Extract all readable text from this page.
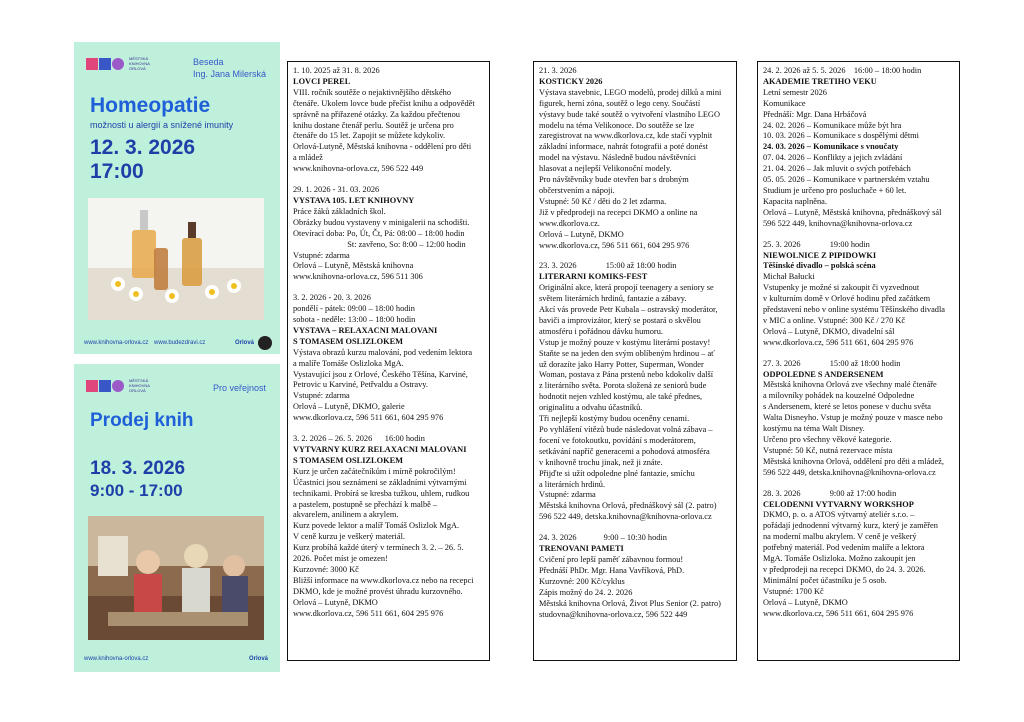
MĚSTSKÁ KNIHOVNA ORLOVÁ
Beseda
Ing. Jana Milerská
Homeopatie
možnosti u alergií a snížené imunity
12. 3. 2026
17:00
www.knihovna-orlova.cz www.budezdravi.cz	Orlová
MĚSTSKÁ KNIHOVNA ORLOVÁ	Pro veřejnost
Prodej knih
18. 3. 2026
9:00 - 17:00
www.knihovna-orlova.cz	Orlová
1. 10. 2025 až 31. 8. 2026
LOVCI PEREL
VIII. ročník soutěže o nejaktivnějšího dětského
čtenáře. Ukolem lovce bude přečíst knihu a odpovědět
správně na přiřazené otázky. Za každou přečtenou
knihu dostane čtenář perlu. Soutěž je určena pro
čtenáře do 15 let. Zapojit se můžete kdykoliv.
Orlová-Lutyně, Městská knihovna - oddělení pro děti
a mládež
www.knihovna-orlova.cz, 596 522 449
29. 1. 2026 - 31. 03. 2026
VYSTAVA 105. LET KNIHOVNY
Práce žáků základních škol.
Obrázky budou vystaveny v minigalerii na schodišti.
Otevírací doba: Po, Út, Čt, Pá: 08:00 – 18:00 hodin
St: zavřeno, So: 8:00 – 12:00 hodin
Vstupné: zdarma
Orlová – Lutyně, Městská knihovna
www.knihovna-orlova.cz, 596 511 306
3. 2. 2026 - 20. 3. 2026
pondělí - pátek: 09:00 – 18:00 hodin
sobota - neděle: 13:00 – 18:00 hodin
VYSTAVA – RELAXACNI MALOVANI
S TOMASEM OSLIZLOKEM
Výstava obrazů kurzu malování, pod vedením lektora
a malíře Tomáše Oslizloka MgA.
Vystavující jsou z Orlové, Českého Těšína, Karviné,
Petrovic u Karviné, Petřvaldu a Ostravy.
Vstupné: zdarma
Orlová – Lutyně, DKMO, galerie
www.dkorlova.cz, 596 511 661, 604 295 976
3. 2. 2026 – 26. 5. 2026      16:00 hodin
VYTVARNY KURZ RELAXACNI MALOVANI
S TOMASEM OSLIZLOKEM
Kurz je určen začátečníkům i mírně pokročilým!
Účastníci jsou seznámeni se základními výtvarnými
technikami. Probírá se kresba tužkou, uhlem, rudkou
a pastelem, postupně se přechází k malbě –
akvarelem, anilinem a akrylem.
Kurz povede lektor a malíř Tomáš Oslizlok MgA.
V ceně kurzu je veškerý materiál.
Kurz probíhá každé úterý v termínech 3. 2. – 26. 5.
2026. Počet míst je omezen!
Kurzovné: 3000 Kč
Bližší informace na www.dkorlova.cz nebo na recepci
DKMO, kde je možné provést úhradu kurzovného.
Orlová – Lutyně, DKMO
www.dkorlova.cz, 596 511 661, 604 295 976
21. 3. 2026
KOSTICKY 2026
Výstava stavebnic, LEGO modelů, prodej dílků a mini
figurek, herní zóna, soutěž o lego ceny. Součástí
výstavy bude také soutěž o vytvoření vlastního LEGO
modelu na téma Velikonoce. Do soutěže se lze
zaregistrovat na www.dkorlova.cz, kde stačí vyplnit
základní informace, nahrát fotografii a poté donést
model na výstavu. Následně budou návštěvníci
hlasovat a nejlepší Velikonoční modely.
Pro návštěvníky bude otevřen bar s drobným
občerstvením a nápoji.
Vstupné: 50 Kč / děti do 2 let zdarma.
Již v předprodeji na recepci DKMO a online na
www.dkorlova.cz.
Orlová – Lutyně, DKMO
www.dkorlova.cz, 596 511 661, 604 295 976
23. 3. 2026              15:00 až 18:00 hodin
LITERARNI KOMIKS-FEST
Originální akce, která propojí teenagery a seniory se
světem literárních hrdinů, fantazie a zábavy.
Akcí vás provede Petr Kubala – ostravský moderátor,
baviči a improvizátor, který se postará o skvělou
atmosféru i pořádnou dávku humoru.
Vstup je možný pouze v kostýmu literární postavy!
Staňte se na jeden den svým oblíbeným hrdinou – ať
už dorazíte jako Harry Potter, Superman, Wonder
Woman, postava z Pána prstenů nebo kdokoliv další
z literárního světa. Porota složená ze seniorů bude
hodnotit nejen vzhled kostýmu, ale také přednes,
originalitu a odvahu účastníků.
Tři nejlepší kostýmy budou oceněny cenami.
Po vyhlášení vítězů bude následovat volná zábava –
focení ve fotokoutku, povídání s moderátorem,
setkávání napříč generacemi a pohodová atmosféra
v knihovně trochu jinak, než ji znáte.
Přijďte si užít odpoledne plné fantazie, smíchu
a literárních hrdinů.
Vstupné: zdarma
Městská knihovna Orlová, přednáškový sál (2. patro)
596 522 449, detska.knihovna@knihovna-orlova.cz
24. 3. 2026             9:00 – 10:30 hodin
TRENOVANI PAMETI
Cvičení pro lepší paměť zábavnou formou!
Přednáší PhDr. Mgr. Hana Vavříková, PhD.
Kurzovné: 200 Kč/cyklus
Zápis možný do 24. 2. 2026
Městská knihovna Orlová, Život Plus Senior (2. patro)
studovna@knihovna-orlova.cz, 596 522 449
24. 2. 2026 až 5. 5. 2026    16:00 – 18:00 hodin
AKADEMIE TRETIHO VEKU
Letní semestr 2026
Komunikace
Přednáší: Mgr. Dana Hrbáčová
24. 02. 2026 – Komunikace může být hra
10. 03. 2026 – Komunikace s dospělými dětmi
24. 03. 2026 – Komunikace s vnoučaty
07. 04. 2026 – Konflikty a jejich zvládání
21. 04. 2026 – Jak mluvit o svých potřebách
05. 05. 2026 – Komunikace v partnerském vztahu
Studium je určeno pro posluchače + 60 let.
Kapacita naplněna.
Orlová – Lutyně, Městská knihovna, přednáškový sál
596 522 449, knihovna@knihovna-orlova.cz
25. 3. 2026              19:00 hodin
NIEWOLNICE Z PIPIDOWKI
Těšínské divadlo – polská scéna
Michał Bałucki
Vstupenky je možné si zakoupit či vyzvednout
v kulturním domě v Orlové hodinu před začátkem
představení nebo v online systému Těšínského divadla
v MIC a online. Vstupné: 300 Kč / 270 Kč
Orlová – Lutyně, DKMO, divadelní sál
www.dkorlova.cz, 596 511 661, 604 295 976
27. 3. 2026              15:00 až 18:00 hodin
ODPOLEDNE S ANDERSENEM
Městská knihovna Orlová zve všechny malé čtenáře
a milovníky pohádek na kouzelné Odpoledne
s Andersenem, které se letos ponese v duchu světa
Walta Disneyho. Vstup je možný pouze v masce nebo
kostýmu na téma Walt Disney.
Určeno pro všechny věkové kategorie.
Vstupné: 50 Kč, nutná rezervace místa
Městská knihovna Orlová, oddělení pro děti a mládež,
596 522 449, detska.knihovna@knihovna-orlova.cz
28. 3. 2026              9:00 až 17:00 hodin
CELODENNI VYTVARNY WORKSHOP
DKMO, p. o. a ATOS výtvarný ateliér s.r.o. –
pořádají jednodenní výtvarný kurz, který je zaměřen
na moderní malbu akrylem. V ceně je veškerý
potřebný materiál. Pod vedením malíře a lektora
MgA. Tomáše Oslizloka. Možno zakoupit jen
v předprodeji na recepci DKMO, do 24. 3. 2026.
Minimální počet účastníku je 5 osob.
Vstupné: 1700 Kč
Orlová – Lutyně, DKMO
www.dkorlova.cz, 596 511 661, 604 295 976
